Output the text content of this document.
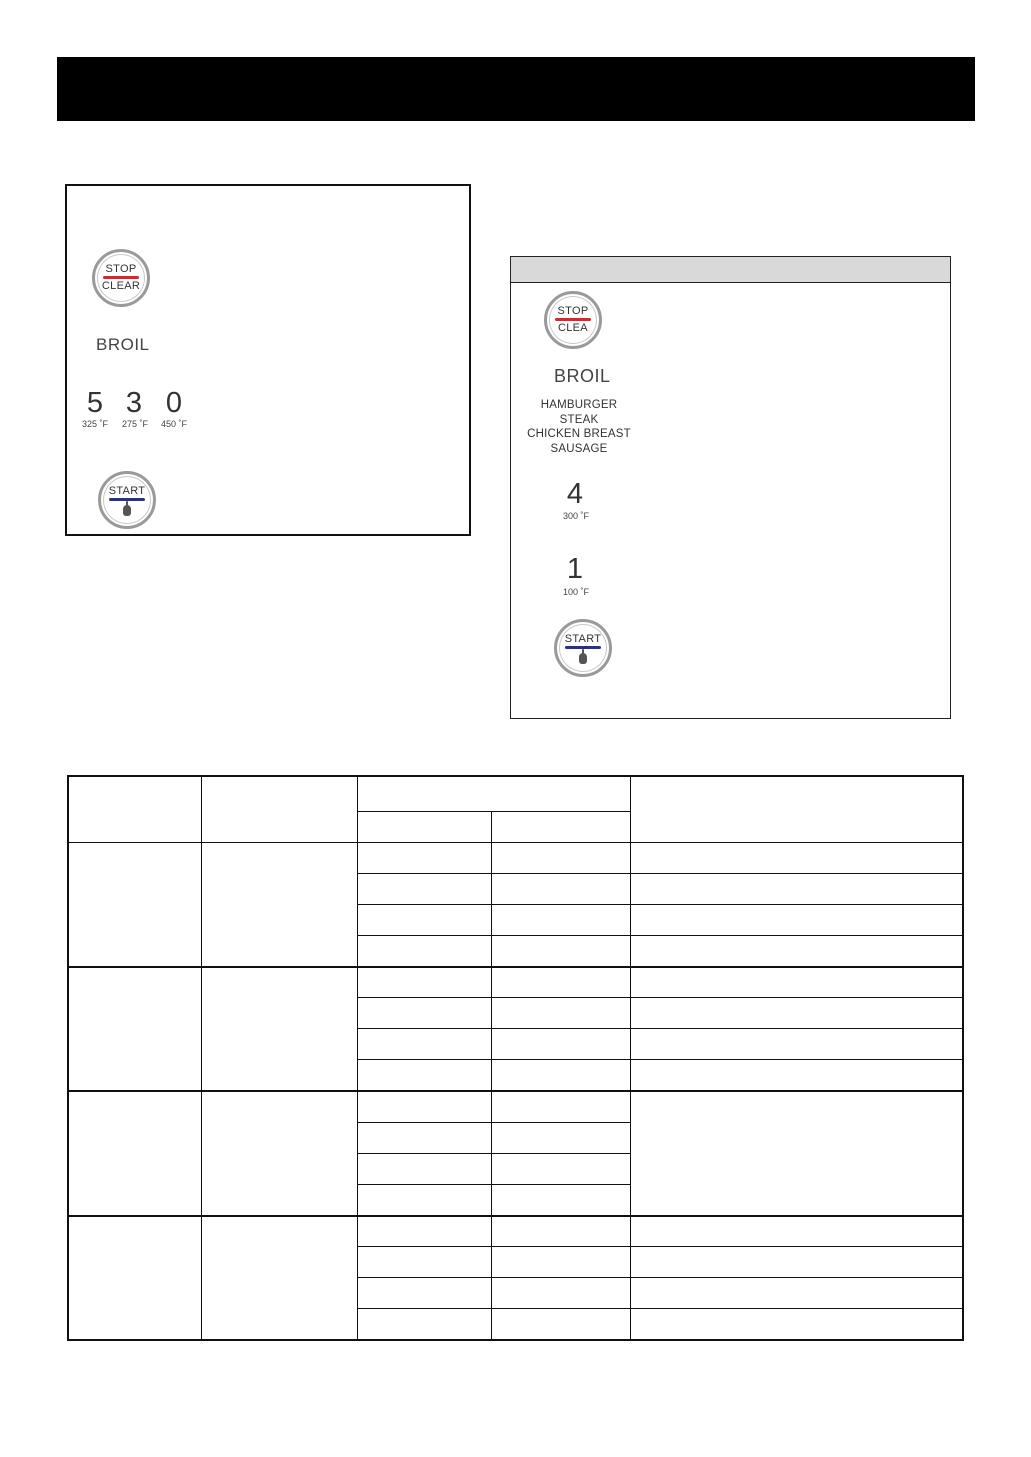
STOP
CLEAR
BROIL
5
325 ˚F
3
275 ˚F
0
450 ˚F
START
STOP
CLEA
BROIL
HAMBURGER
STEAK
CHICKEN BREAST
SAUSAGE
4
300 ˚F
1
100 ˚F
START
